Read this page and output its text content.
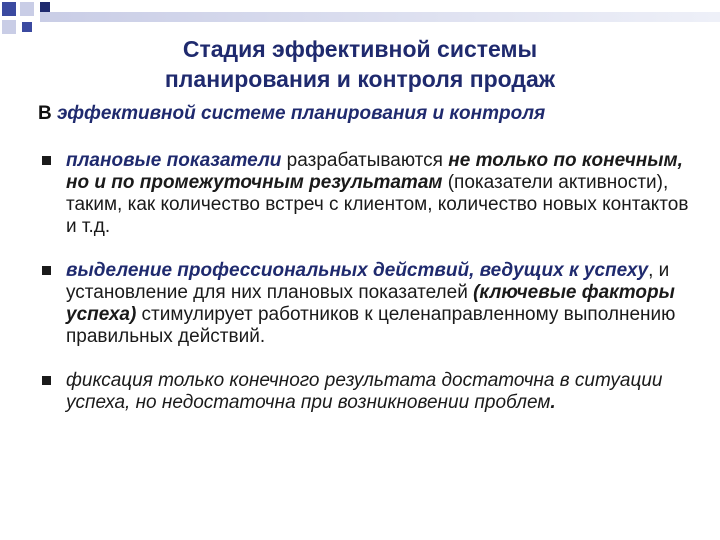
Стадия эффективной системы
планирования и контроля продаж
В эффективной системе планирования и контроля
плановые показатели разрабатываются не только по конечным, но и по промежуточным результатам (показатели активности), таким, как количество встреч с клиентом, количество новых контактов и т.д.
выделение профессиональных действий, ведущих к успеху, и установление для них плановых показателей (ключевые факторы успеха) стимулирует работников к целенаправленному выполнению правильных действий.
фиксация только конечного результата достаточна в ситуации успеха, но недостаточна при возникновении проблем.
